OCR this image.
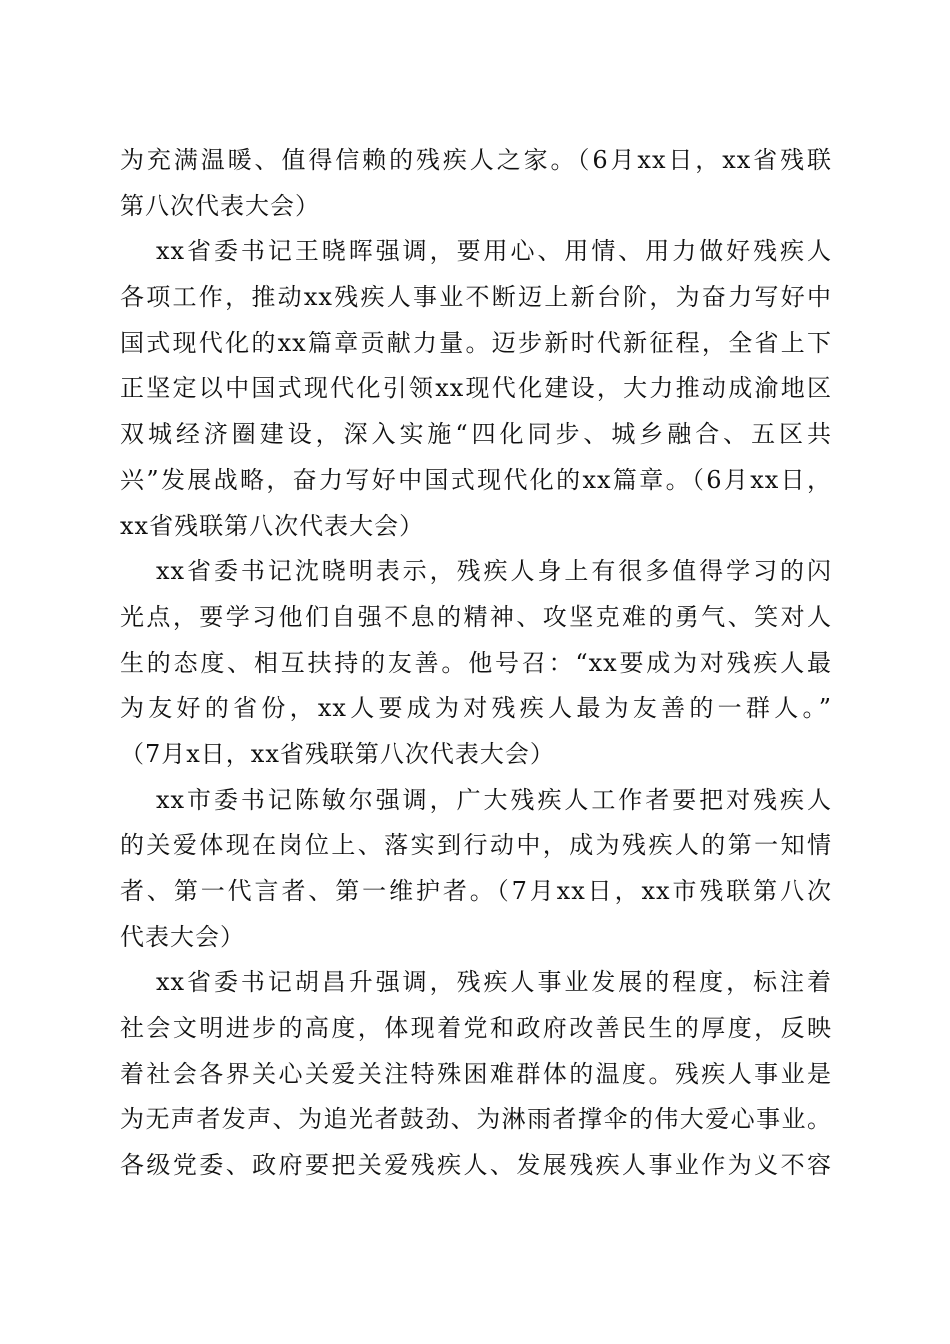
为充满温暖、值得信赖的残疾人之家。（6月xx日，xx省残联
第八次代表大会）
xx省委书记王晓晖强调，要用心、用情、用力做好残疾人
各项工作，推动xx残疾人事业不断迈上新台阶，为奋力写好中
国式现代化的xx篇章贡献力量。迈步新时代新征程，全省上下
正坚定以中国式现代化引领xx现代化建设，大力推动成渝地区
双城经济圈建设，深入实施“四化同步、城乡融合、五区共
兴”发展战略，奋力写好中国式现代化的xx篇章。（6月xx日，
xx省残联第八次代表大会）
xx省委书记沈晓明表示，残疾人身上有很多值得学习的闪
光点，要学习他们自强不息的精神、攻坚克难的勇气、笑对人
生的态度、相互扶持的友善。他号召：“xx要成为对残疾人最
为友好的省份，xx人要成为对残疾人最为友善的一群人。”
（7月x日，xx省残联第八次代表大会）
xx市委书记陈敏尔强调，广大残疾人工作者要把对残疾人
的关爱体现在岗位上、落实到行动中，成为残疾人的第一知情
者、第一代言者、第一维护者。（7月xx日，xx市残联第八次
代表大会）
xx省委书记胡昌升强调，残疾人事业发展的程度，标注着
社会文明进步的高度，体现着党和政府改善民生的厚度，反映
着社会各界关心关爱关注特殊困难群体的温度。残疾人事业是
为无声者发声、为追光者鼓劲、为淋雨者撑伞的伟大爱心事业。
各级党委、政府要把关爱残疾人、发展残疾人事业作为义不容
